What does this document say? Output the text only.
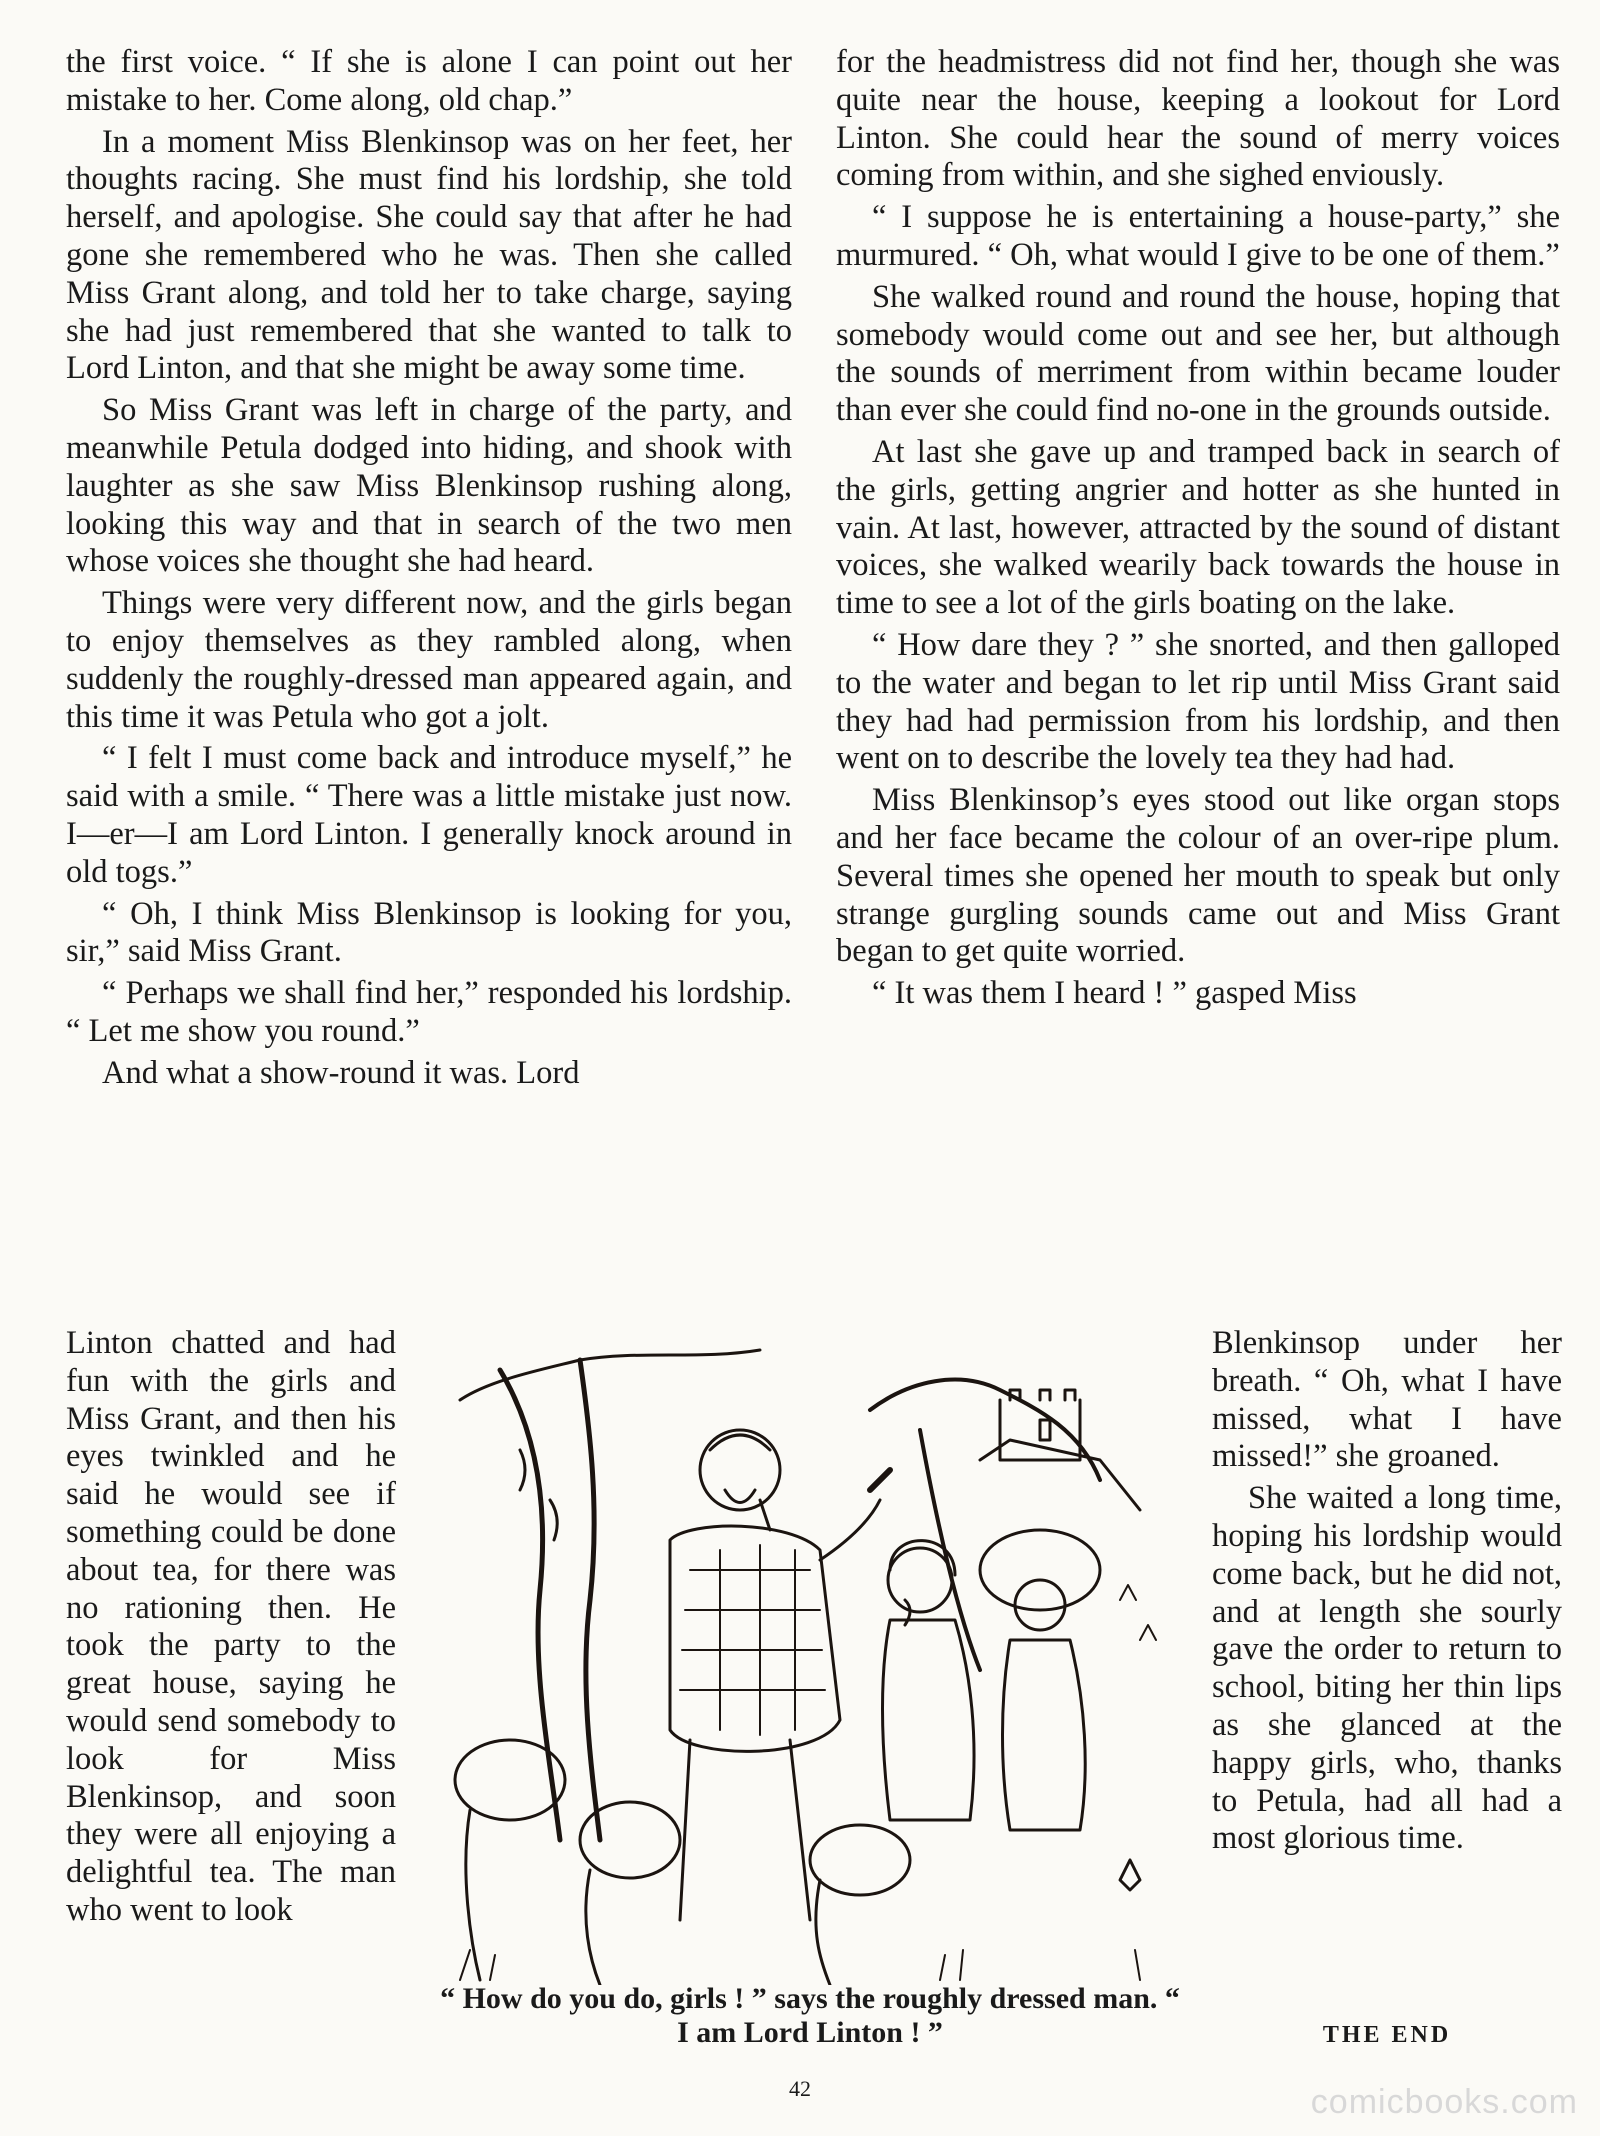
the first voice. “ If she is alone I can point out her mistake to her. Come along, old chap.”

In a moment Miss Blenkinsop was on her feet, her thoughts racing. She must find his lordship, she told herself, and apologise. She could say that after he had gone she remembered who he was. Then she called Miss Grant along, and told her to take charge, saying she had just remembered that she wanted to talk to Lord Linton, and that she might be away some time.

So Miss Grant was left in charge of the party, and meanwhile Petula dodged into hiding, and shook with laughter as she saw Miss Blenkinsop rushing along, looking this way and that in search of the two men whose voices she thought she had heard.

Things were very different now, and the girls began to enjoy themselves as they rambled along, when suddenly the roughly-dressed man appeared again, and this time it was Petula who got a jolt.

“ I felt I must come back and introduce myself,” he said with a smile. “ There was a little mistake just now. I—er—I am Lord Linton. I generally knock around in old togs.”

“ Oh, I think Miss Blenkinsop is looking for you, sir,” said Miss Grant.

“ Perhaps we shall find her,” responded his lordship. “ Let me show you round.”

And what a show-round it was. Lord

Linton chatted and had fun with the girls and Miss Grant, and then his eyes twinkled and he said he would see if something could be done about tea, for there was no rationing then. He took the party to the great house, saying he would send somebody to look for Miss Blenkinsop, and soon they were all enjoying a delightful tea. The man who went to look

for the headmistress did not find her, though she was quite near the house, keeping a lookout for Lord Linton. She could hear the sound of merry voices coming from within, and she sighed enviously.

“ I suppose he is entertaining a house-party,” she murmured. “ Oh, what would I give to be one of them.”

She walked round and round the house, hoping that somebody would come out and see her, but although the sounds of merriment from within became louder than ever she could find no-one in the grounds outside.

At last she gave up and tramped back in search of the girls, getting angrier and hotter as she hunted in vain. At last, however, attracted by the sound of distant voices, she walked wearily back towards the house in time to see a lot of the girls boating on the lake.

“ How dare they ? ” she snorted, and then galloped to the water and began to let rip until Miss Grant said they had had permission from his lordship, and then went on to describe the lovely tea they had had.

Miss Blenkinsop’s eyes stood out like organ stops and her face became the colour of an over-ripe plum. Several times she opened her mouth to speak but only strange gurgling sounds came out and Miss Grant began to get quite worried.

“ It was them I heard ! ” gasped Miss

Blenkinsop under her breath. “ Oh, what I have missed, what I have missed!” she groaned.

She waited a long time, hoping his lordship would come back, but he did not, and at length she sourly gave the order to return to school, biting her thin lips as she glanced at the happy girls, who, thanks to Petula, had all had a most glorious time.

“ How do you do, girls ! ” says the roughly dressed man. “ I am Lord Linton ! ”	THE END
42	comicbooks.com
